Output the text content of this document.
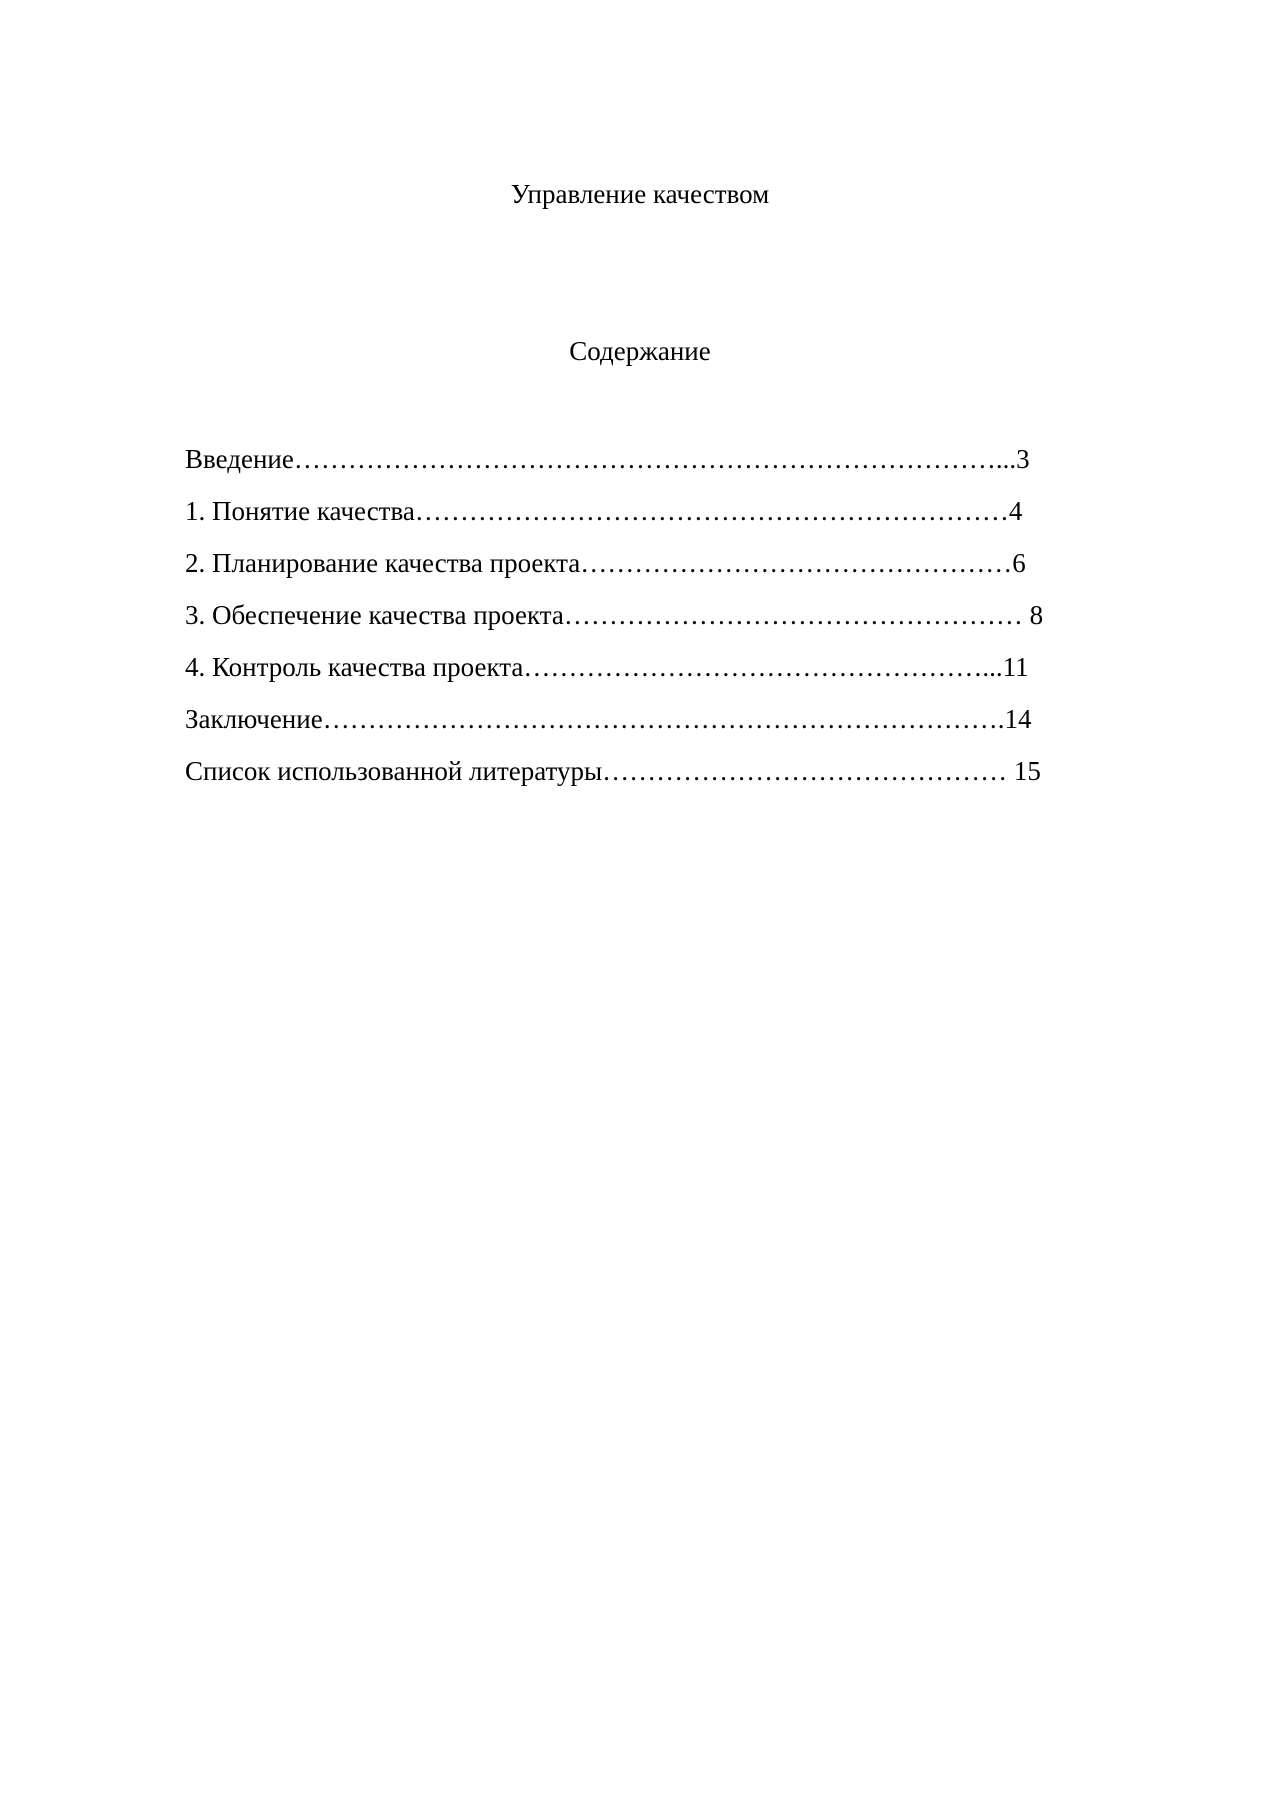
Управление качеством
Содержание
Введение……………………………………………………………………...3
1. Понятие качества…………………………………………………………4
2. Планирование качества проекта…………………………………………6
3. Обеспечение качества проекта…………………………………………… 8
4. Контроль качества проекта……………………………………………...11
Заключение………………………………………………………………….14
Список использованной литературы……………………………………… 15
